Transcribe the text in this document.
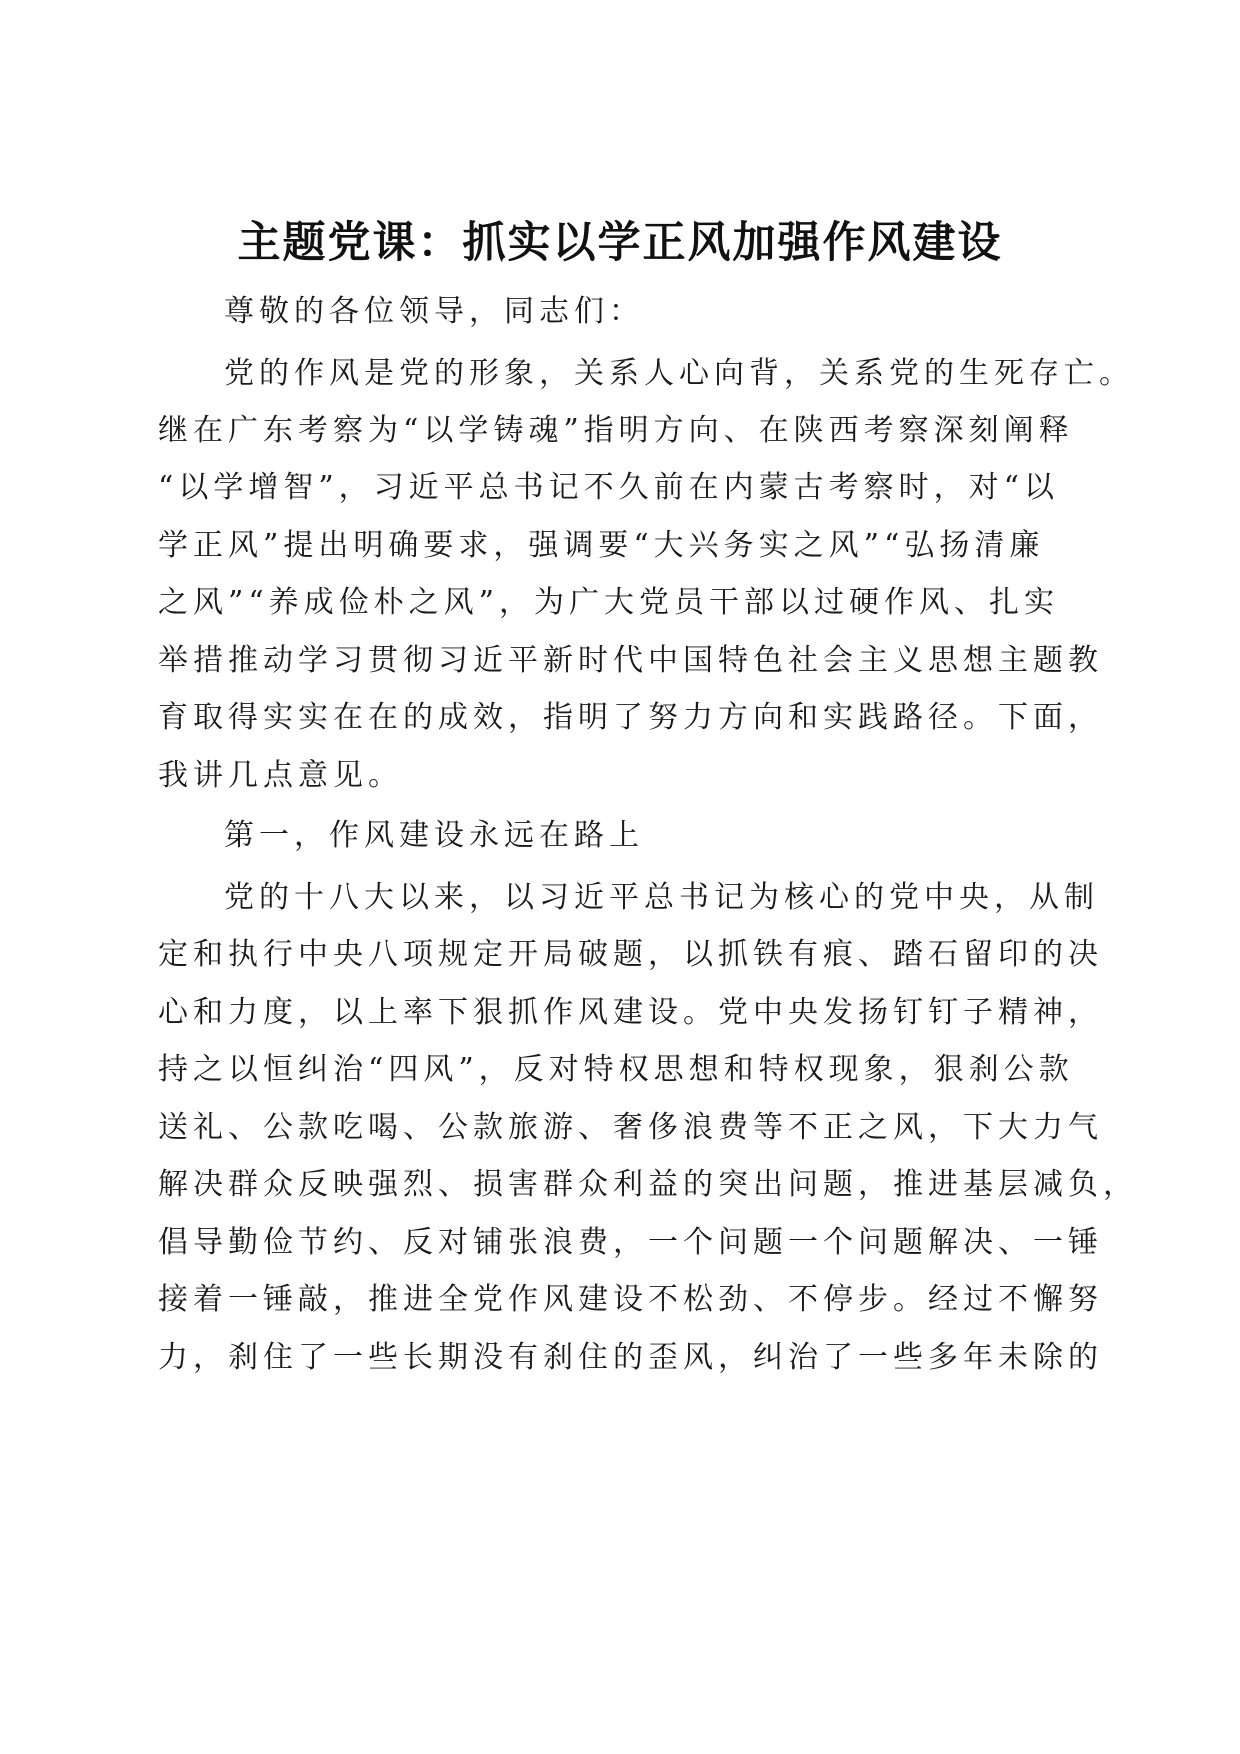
主题党课：抓实以学正风加强作风建设
尊敬的各位领导，同志们：
党的作风是党的形象，关系人心向背，关系党的生死存亡。
继在广东考察为“以学铸魂”指明方向、在陕西考察深刻阐释
“以学增智”，习近平总书记不久前在内蒙古考察时，对“以
学正风”提出明确要求，强调要“大兴务实之风”“弘扬清廉
之风”“养成俭朴之风”，为广大党员干部以过硬作风、扎实
举措推动学习贯彻习近平新时代中国特色社会主义思想主题教
育取得实实在在的成效，指明了努力方向和实践路径。下面，
我讲几点意见。
第一，作风建设永远在路上
党的十八大以来，以习近平总书记为核心的党中央，从制
定和执行中央八项规定开局破题，以抓铁有痕、踏石留印的决
心和力度，以上率下狠抓作风建设。党中央发扬钉钉子精神，
持之以恒纠治“四风”，反对特权思想和特权现象，狠刹公款
送礼、公款吃喝、公款旅游、奢侈浪费等不正之风，下大力气
解决群众反映强烈、损害群众利益的突出问题，推进基层减负，
倡导勤俭节约、反对铺张浪费，一个问题一个问题解决、一锤
接着一锤敲，推进全党作风建设不松劲、不停步。经过不懈努
力，刹住了一些长期没有刹住的歪风，纠治了一些多年未除的
